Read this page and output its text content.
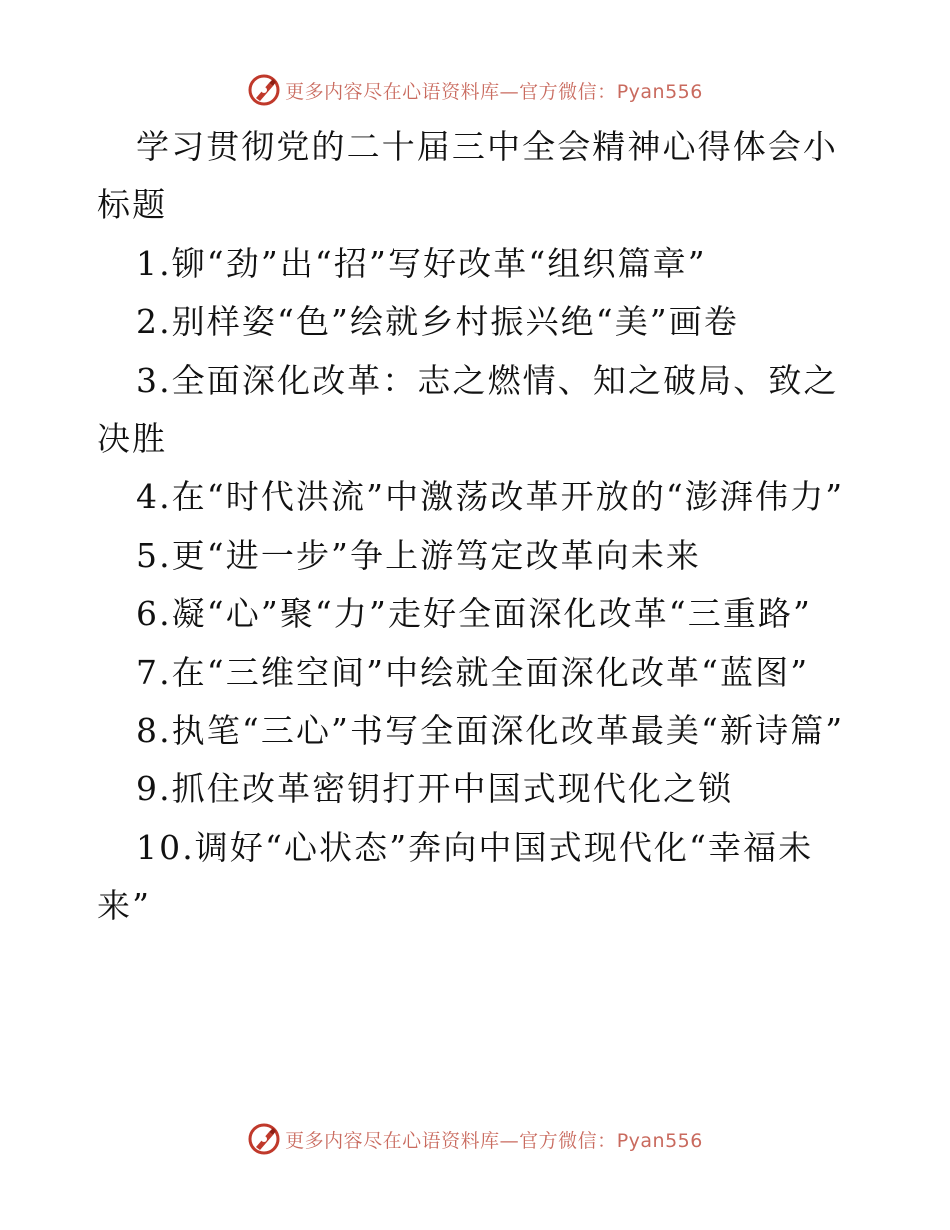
更多内容尽在心语资料库—官方微信：Pyan556

学习贯彻党的二十届三中全会精神心得体会小标题

1.铆“劲”出“招”写好改革“组织篇章”

2.别样姿“色”绘就乡村振兴绝“美”画卷

3.全面深化改革：志之燃情、知之破局、致之决胜

4.在“时代洪流”中激荡改革开放的“澎湃伟力”

5.更“进一步”争上游笃定改革向未来

6.凝“心”聚“力”走好全面深化改革“三重路”

7.在“三维空间”中绘就全面深化改革“蓝图”

8.执笔“三心”书写全面深化改革最美“新诗篇”

9.抓住改革密钥打开中国式现代化之锁

10.调好“心状态”奔向中国式现代化“幸福未来”

更多内容尽在心语资料库—官方微信：Pyan556
